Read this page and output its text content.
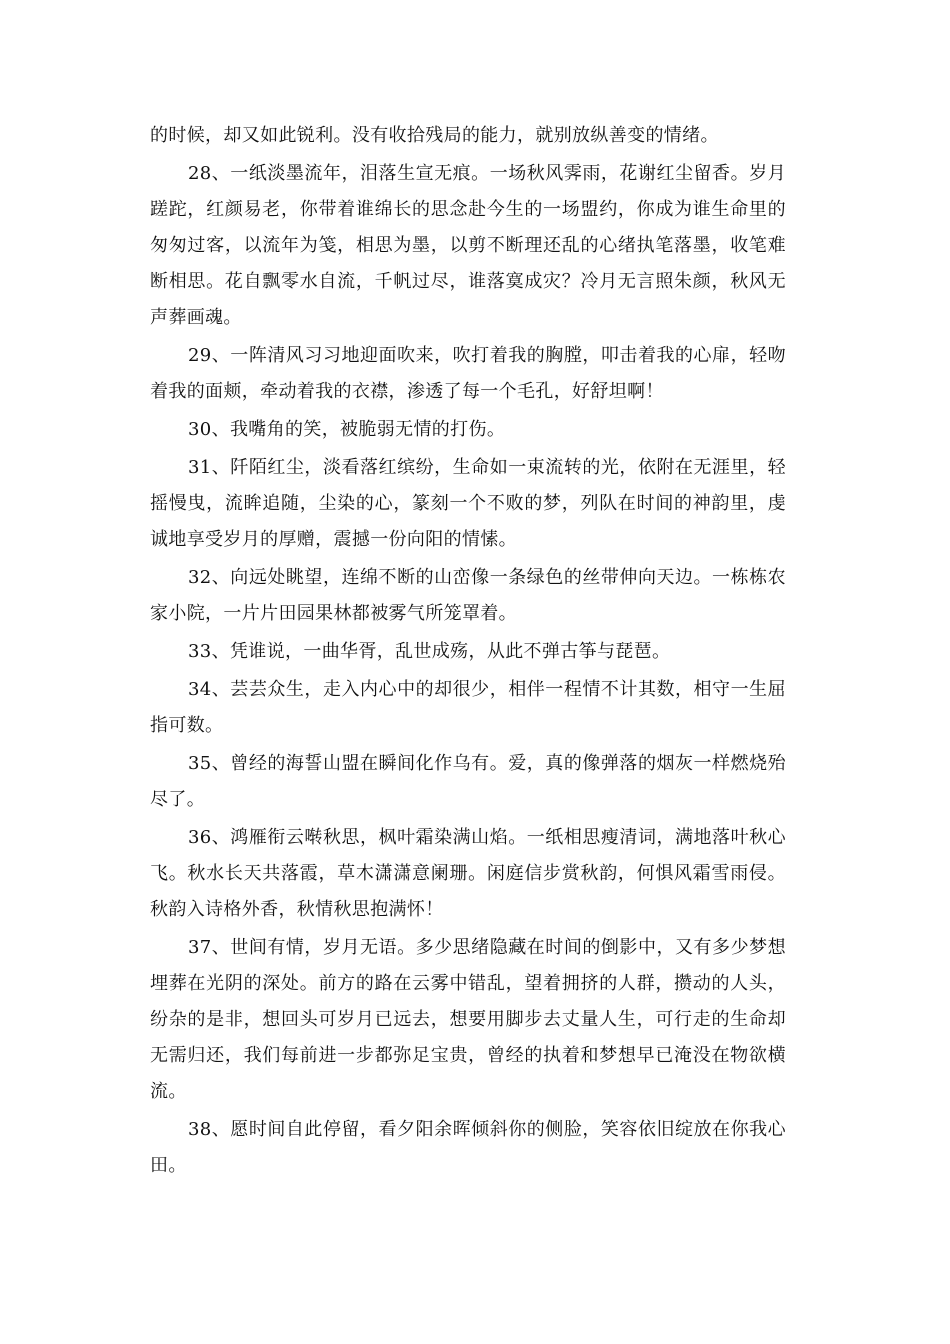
的时候，却又如此锐利。没有收拾残局的能力，就别放纵善变的情绪。

28、一纸淡墨流年，泪落生宣无痕。一场秋风霁雨，花谢红尘留香。岁月蹉跎，红颜易老，你带着谁绵长的思念赴今生的一场盟约，你成为谁生命里的匆匆过客，以流年为笺，相思为墨，以剪不断理还乱的心绪执笔落墨，收笔难断相思。花自飘零水自流，千帆过尽，谁落寞成灾？冷月无言照朱颜，秋风无声葬画魂。

29、一阵清风习习地迎面吹来，吹打着我的胸膛，叩击着我的心扉，轻吻着我的面颊，牵动着我的衣襟，渗透了每一个毛孔，好舒坦啊！

30、我嘴角的笑，被脆弱无情的打伤。

31、阡陌红尘，淡看落红缤纷，生命如一束流转的光，依附在无涯里，轻摇慢曳，流眸追随，尘染的心，篆刻一个不败的梦，列队在时间的神韵里，虔诚地享受岁月的厚赠，震撼一份向阳的情愫。

32、向远处眺望，连绵不断的山峦像一条绿色的丝带伸向天边。一栋栋农家小院，一片片田园果林都被雾气所笼罩着。

33、凭谁说，一曲华胥，乱世成殇，从此不弹古筝与琵琶。

34、芸芸众生，走入内心中的却很少，相伴一程情不计其数，相守一生屈指可数。

35、曾经的海誓山盟在瞬间化作乌有。爱，真的像弹落的烟灰一样燃烧殆尽了。

36、鸿雁衔云啭秋思，枫叶霜染满山焰。一纸相思瘦清词，满地落叶秋心飞。秋水长天共落霞，草木潇潇意阑珊。闲庭信步赏秋韵，何惧风霜雪雨侵。秋韵入诗格外香，秋情秋思抱满怀！

37、世间有情，岁月无语。多少思绪隐藏在时间的倒影中，又有多少梦想埋葬在光阴的深处。前方的路在云雾中错乱，望着拥挤的人群，攒动的人头，纷杂的是非，想回头可岁月已远去，想要用脚步去丈量人生，可行走的生命却无需归还，我们每前进一步都弥足宝贵，曾经的执着和梦想早已淹没在物欲横流。

38、愿时间自此停留，看夕阳余晖倾斜你的侧脸，笑容依旧绽放在你我心田。
